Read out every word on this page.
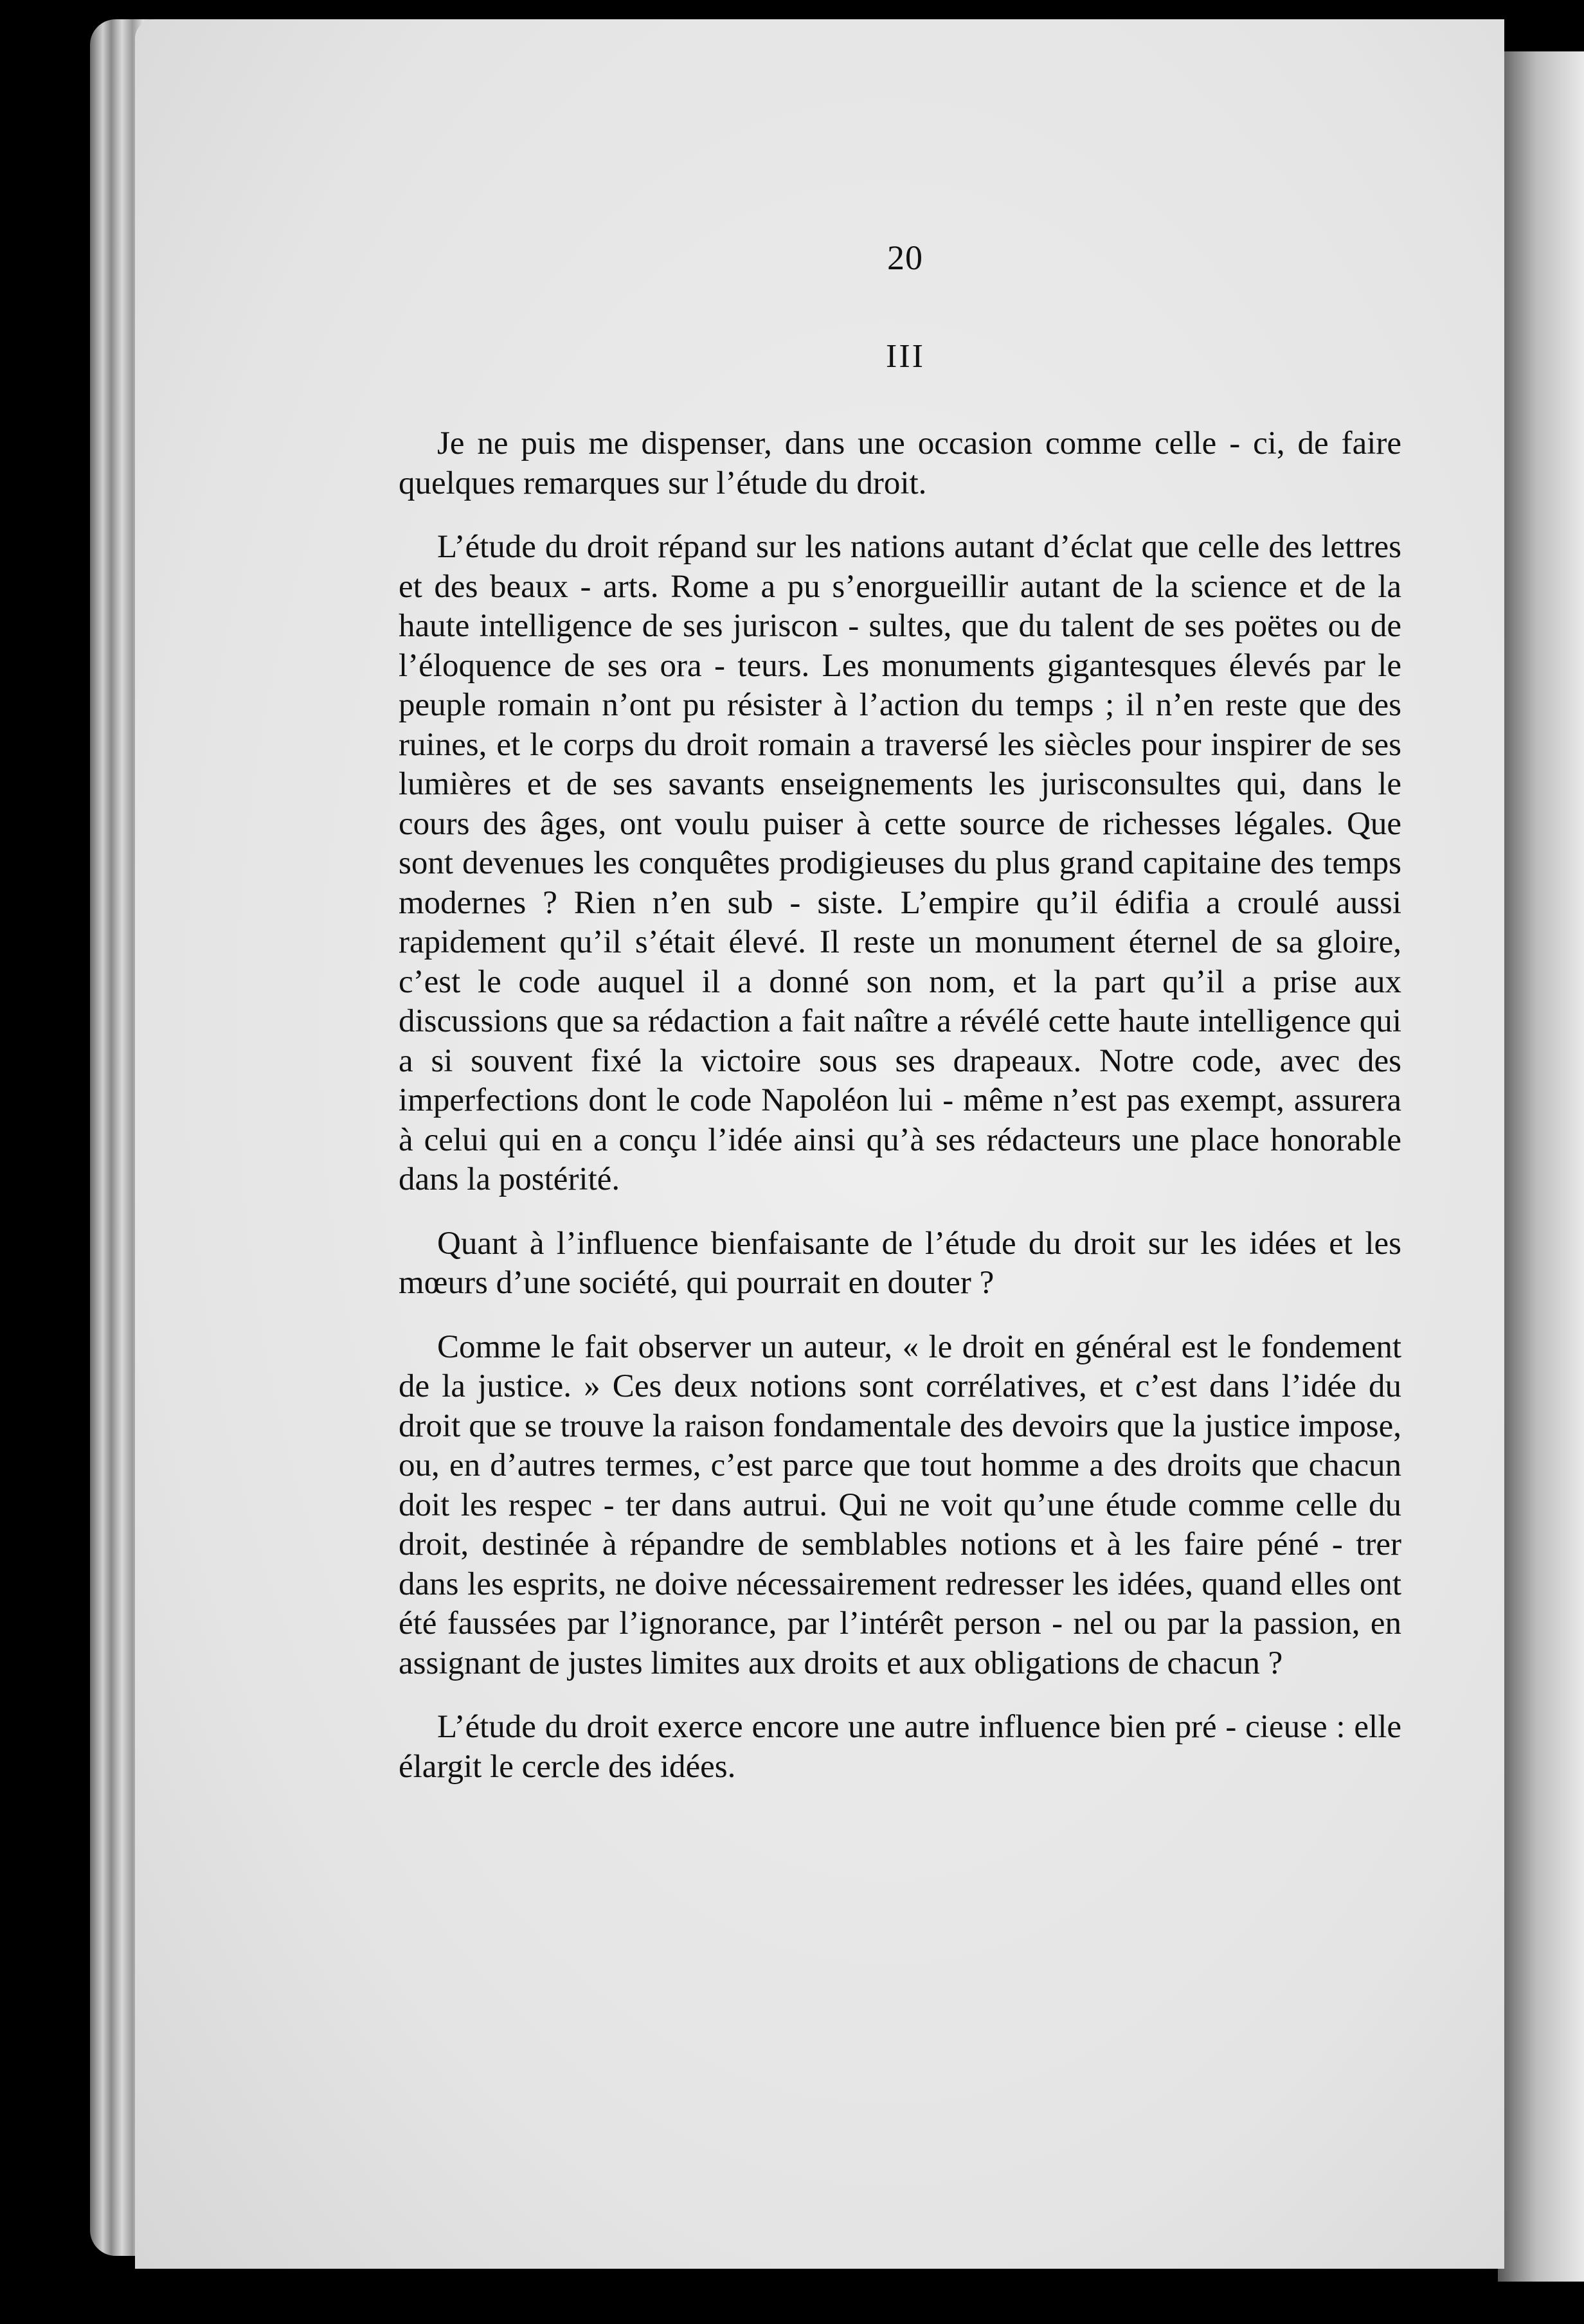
20
III

Je ne puis me dispenser, dans une occasion comme celle - ci, de faire quelques remarques sur l’étude du droit.

L’étude du droit répand sur les nations autant d’éclat que celle des lettres et des beaux - arts. Rome a pu s’enorgueillir autant de la science et de la haute intelligence de ses juriscon - sultes, que du talent de ses poëtes ou de l’éloquence de ses ora - teurs. Les monuments gigantesques élevés par le peuple romain n’ont pu résister à l’action du temps ; il n’en reste que des ruines, et le corps du droit romain a traversé les siècles pour inspirer de ses lumières et de ses savants enseignements les jurisconsultes qui, dans le cours des âges, ont voulu puiser à cette source de richesses légales. Que sont devenues les conquêtes prodigieuses du plus grand capitaine des temps modernes ? Rien n’en sub - siste. L’empire qu’il édifia a croulé aussi rapidement qu’il s’était élevé. Il reste un monument éternel de sa gloire, c’est le code auquel il a donné son nom, et la part qu’il a prise aux discussions que sa rédaction a fait naître a révélé cette haute intelligence qui a si souvent fixé la victoire sous ses drapeaux. Notre code, avec des imperfections dont le code Napoléon lui - même n’est pas exempt, assurera à celui qui en a conçu l’idée ainsi qu’à ses rédacteurs une place honorable dans la postérité.

Quant à l’influence bienfaisante de l’étude du droit sur les idées et les mœurs d’une société, qui pourrait en douter ?

Comme le fait observer un auteur, « le droit en général est le fondement de la justice. » Ces deux notions sont corrélatives, et c’est dans l’idée du droit que se trouve la raison fondamentale des devoirs que la justice impose, ou, en d’autres termes, c’est parce que tout homme a des droits que chacun doit les respec - ter dans autrui. Qui ne voit qu’une étude comme celle du droit, destinée à répandre de semblables notions et à les faire péné - trer dans les esprits, ne doive nécessairement redresser les idées, quand elles ont été faussées par l’ignorance, par l’intérêt person - nel ou par la passion, en assignant de justes limites aux droits et aux obligations de chacun ?

L’étude du droit exerce encore une autre influence bien pré - cieuse : elle élargit le cercle des idées.
